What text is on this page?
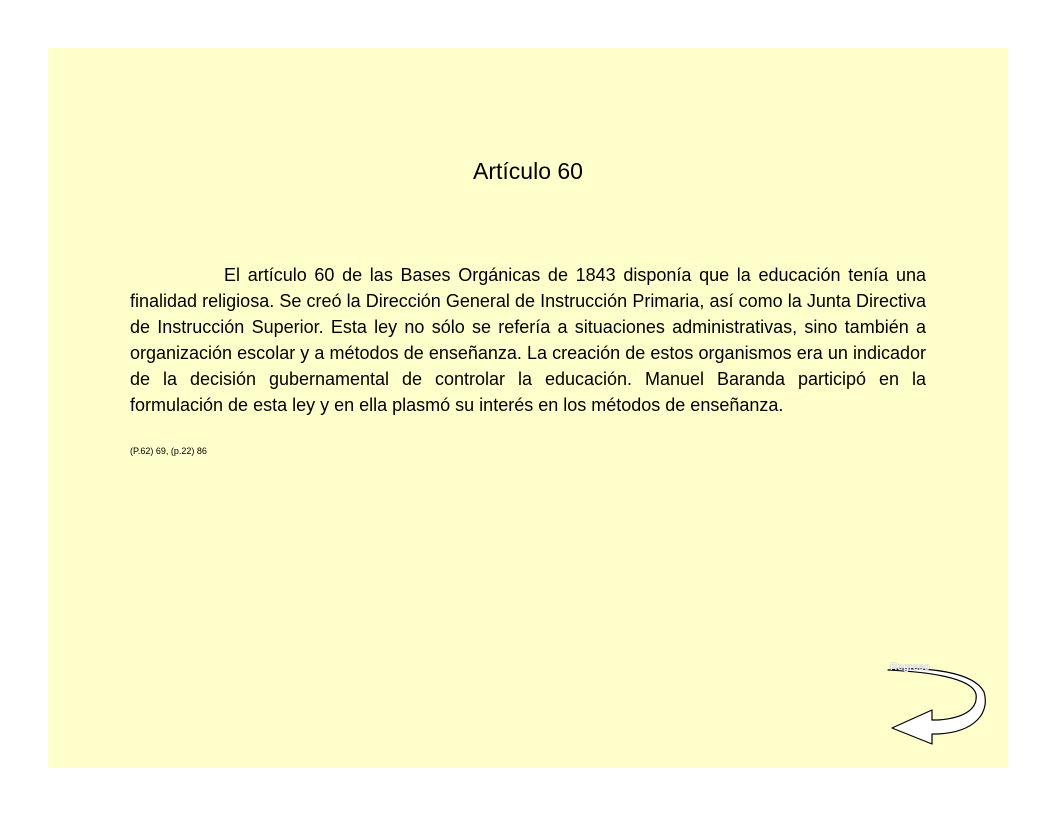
Artículo 60

El artículo 60 de las Bases Orgánicas de 1843 disponía que la educación tenía una finalidad religiosa. Se creó la Dirección General de Instrucción Primaria, así como la Junta Directiva de Instrucción Superior. Esta ley no sólo se refería a situaciones administrativas, sino también a organización escolar y a métodos de enseñanza. La creación de estos organismos era un indicador de la decisión gubernamental de controlar la educación. Manuel Baranda participó en la formulación de esta ley y en ella plasmó su interés en los métodos de enseñanza.

(P.62) 69, (p.22) 86

Regreso
